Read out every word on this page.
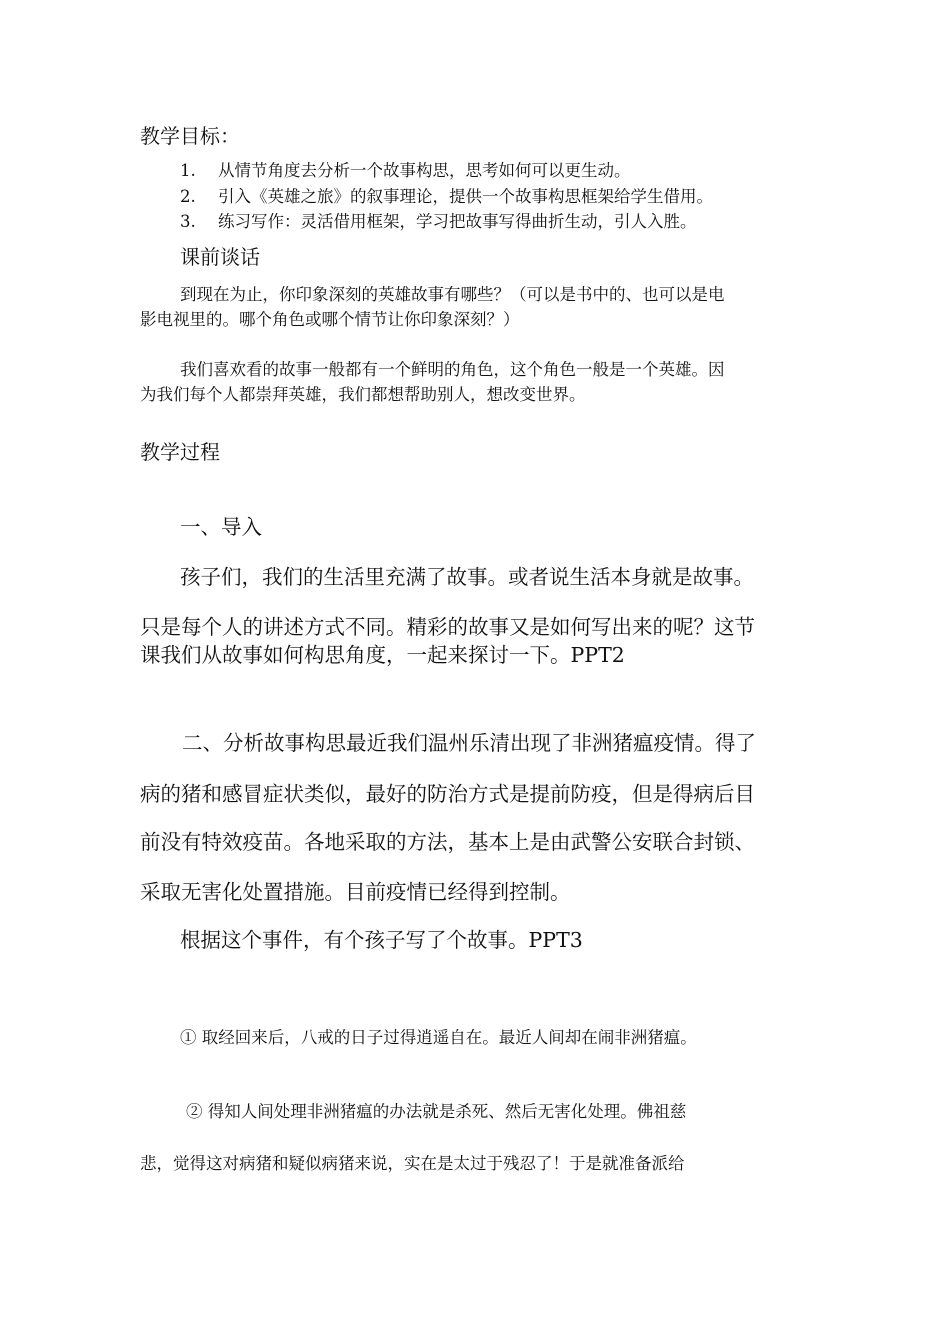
教学目标：
1. 从情节角度去分析一个故事构思，思考如何可以更生动。
2. 引入《英雄之旅》的叙事理论，提供一个故事构思框架给学生借用。
3. 练习写作：灵活借用框架，学习把故事写得曲折生动，引人入胜。
课前谈话
到现在为止，你印象深刻的英雄故事有哪些？（可以是书中的、也可以是电
影电视里的。哪个角色或哪个情节让你印象深刻？）
我们喜欢看的故事一般都有一个鲜明的角色，这个角色一般是一个英雄。因
为我们每个人都崇拜英雄，我们都想帮助别人，想改变世界。
教学过程
一、导入
孩子们，我们的生活里充满了故事。或者说生活本身就是故事。
只是每个人的讲述方式不同。精彩的故事又是如何写出来的呢？这节
课我们从故事如何构思角度，一起来探讨一下。PPT2
二、分析故事构思最近我们温州乐清出现了非洲猪瘟疫情。得了
病的猪和感冒症状类似，最好的防治方式是提前防疫，但是得病后目
前没有特效疫苗。各地采取的方法，基本上是由武警公安联合封锁、
采取无害化处置措施。目前疫情已经得到控制。
根据这个事件，有个孩子写了个故事。PPT3
① 取经回来后，八戒的日子过得逍遥自在。最近人间却在闹非洲猪瘟。
② 得知人间处理非洲猪瘟的办法就是杀死、然后无害化处理。佛祖慈
悲，觉得这对病猪和疑似病猪来说，实在是太过于残忍了！于是就准备派给
